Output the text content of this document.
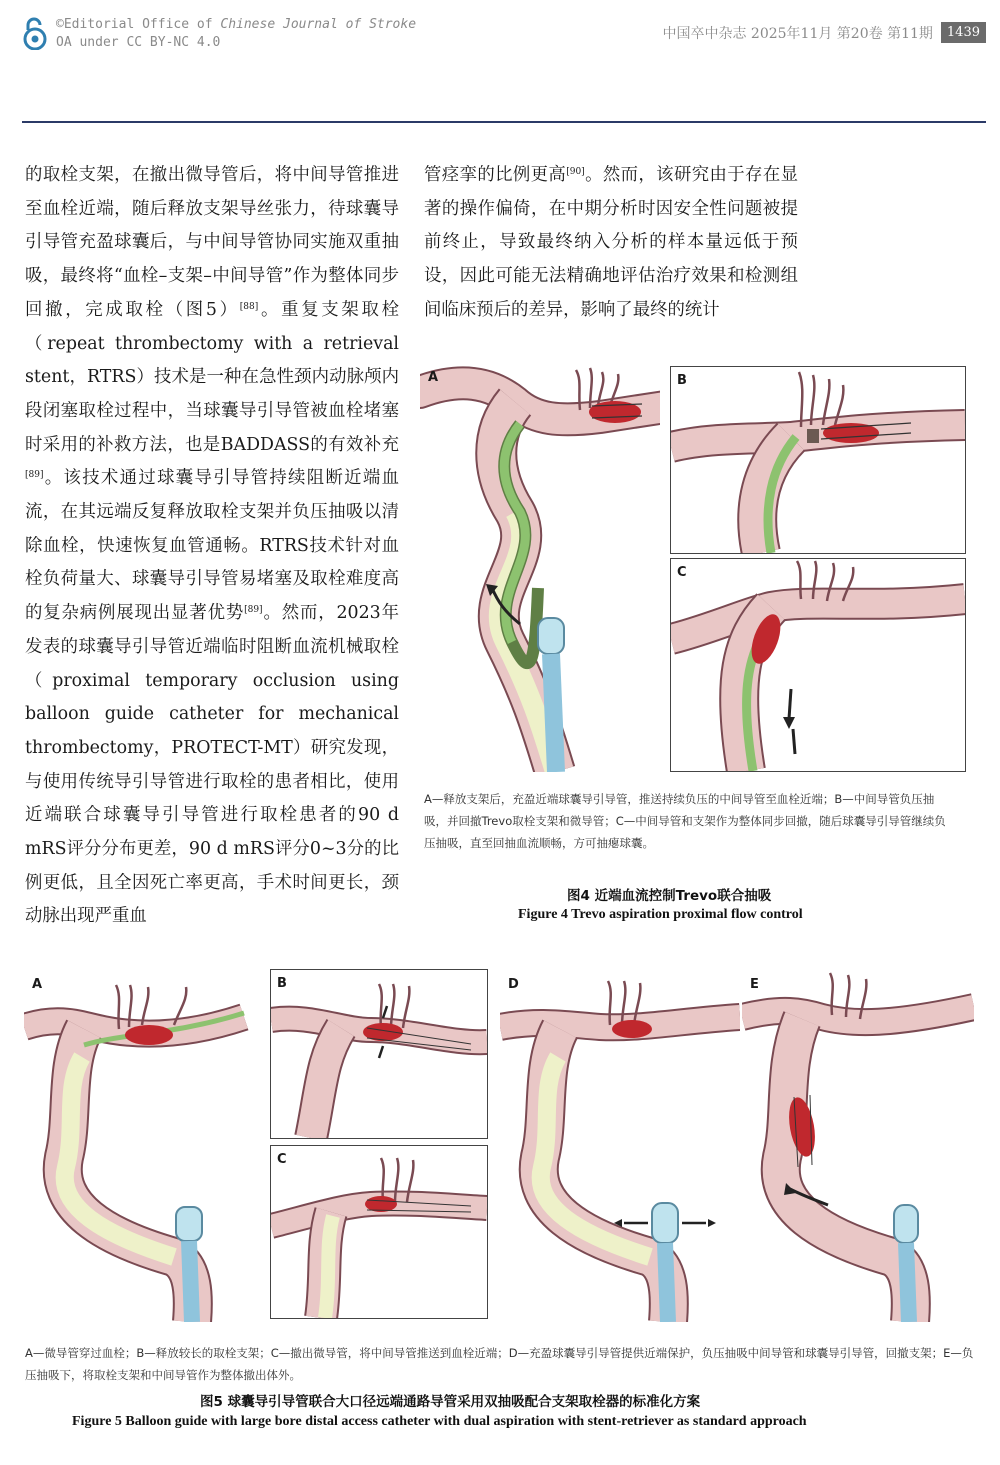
©Editorial Office of Chinese Journal of Stroke
OA under CC BY-NC 4.0
中国卒中杂志 2025年11月 第20卷 第11期	1439

的取栓支架，在撤出微导管后，将中间导管推进至血栓近端，随后释放支架导丝张力，待球囊导引导管充盈球囊后，与中间导管协同实施双重抽吸，最终将“血栓–支架–中间导管”作为整体同步回撤，完成取栓（图5）[88]。重复支架取栓（repeat thrombectomy with a retrieval stent，RTRS）技术是一种在急性颈内动脉颅内段闭塞取栓过程中，当球囊导引导管被血栓堵塞时采用的补救方法，也是BADDASS的有效补充[89]。该技术通过球囊导引导管持续阻断近端血流，在其远端反复释放取栓支架并负压抽吸以清除血栓，快速恢复血管通畅。RTRS技术针对血栓负荷量大、球囊导引导管易堵塞及取栓难度高的复杂病例展现出显著优势[89]。然而，2023年发表的球囊导引导管近端临时阻断血流机械取栓（proximal temporary occlusion using balloon guide catheter for mechanical thrombectomy，PROTECT-MT）研究发现，与使用传统导引导管进行取栓的患者相比，使用近端联合球囊导引导管进行取栓患者的90 d mRS评分分布更差，90 d mRS评分0~3分的比例更低，且全因死亡率更高，手术时间更长，颈动脉出现严重血

管痉挛的比例更高[90]。然而，该研究由于存在显著的操作偏倚，在中期分析时因安全性问题被提前终止，导致最终纳入分析的样本量远低于预设，因此可能无法精确地评估治疗效果和检测组间临床预后的差异，影响了最终的统计

A	B
C
A—释放支架后，充盈近端球囊导引导管，推送持续负压的中间导管至血栓近端；B—中间导管负压抽吸，并回撤Trevo取栓支架和微导管；C—中间导管和支架作为整体同步回撤，随后球囊导引导管继续负压抽吸，直至回抽血流顺畅，方可抽瘪球囊。
图4 近端血流控制Trevo联合抽吸
Figure 4 Trevo aspiration proximal flow control
A	B
C
D	E
A—微导管穿过血栓；B—释放较长的取栓支架；C—撤出微导管，将中间导管推送到血栓近端；D—充盈球囊导引导管提供近端保护，负压抽吸中间导管和球囊导引导管，回撤支架；E—负压抽吸下，将取栓支架和中间导管作为整体撤出体外。
图5 球囊导引导管联合大口径远端通路导管采用双抽吸配合支架取栓器的标准化方案
Figure 5 Balloon guide with large bore distal access catheter with dual aspiration with stent-retriever as standard approach
